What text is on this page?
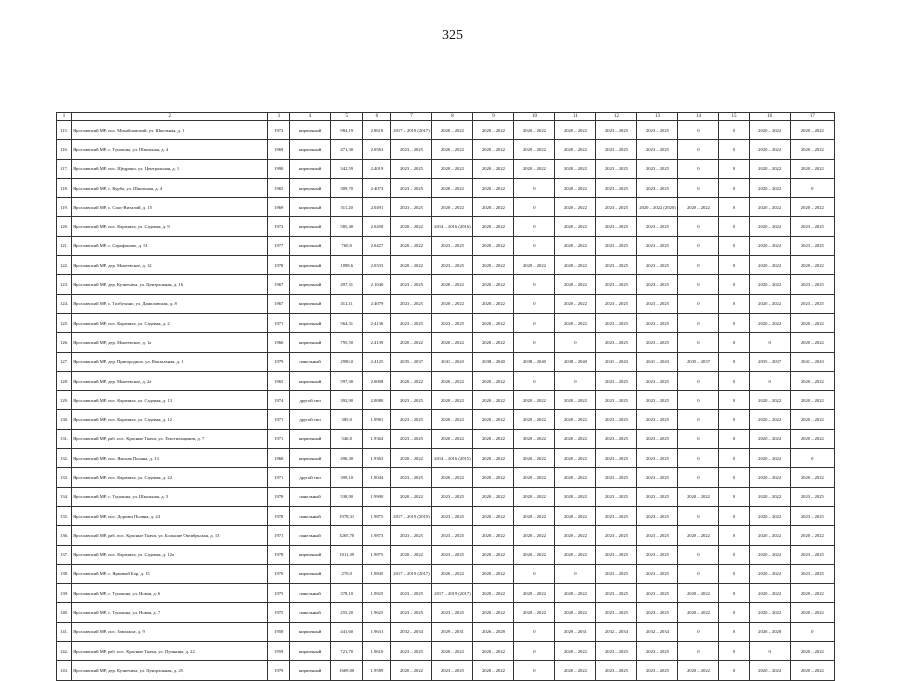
325
1	2	3	4	5	6	7	8	9	10	11	12	13	14	15	16	17
115.	Ярославский МР, пос. Михайловский, ул. Школьная, д. 1	1972	кирпичный	984,19	2.8618	2017 – 2019 (2017)	2020 – 2022	2020 – 2022	2020 – 2022	2020 – 2022	2023 – 2025	2023 – 2025	0	0	2020 – 2022	2020 – 2022
116.	Ярославский МР, с. Туношна, ул. Школьная, д. 4	1969	кирпичный	471,30	2.0563	2023 – 2025	2020 – 2022	2020 – 2022	2020 – 2022	2020 – 2022	2023 – 2025	2023 – 2025	0	0	2020 – 2022	2020 – 2022
117.	Ярославский МР, пос. Щедрино, ул. Центральная, д. 1	1990	кирпичный	342,59	2.4019	2023 – 2025	2020 – 2022	2020 – 2022	2020 – 2022	2020 – 2022	2023 – 2025	2023 – 2025	0	0	2020 – 2022	2020 – 2022
118.	Ярославский МР, с. Курба, ул. Школьная, д. 4	1965	кирпичный	309,70	2.4073	2023 – 2025	2020 – 2022	2020 – 2022	0	2020 – 2022	2023 – 2025	2023 – 2025	0	0	2020 – 2022	0
119.	Ярославский МР, с. Спас-Виталий, д. 15	1969	кирпичный	311,20	2.0491	2023 – 2025	2020 – 2022	2020 – 2022	0	2020 – 2022	2023 – 2025	2020 – 2022 (2020)	2020 – 2022	0	2020 – 2022	2020 – 2022
120.	Ярославский МР, пос. Карачиха, ул. Садовая, д. 9	1972	кирпичный	585,40	2.0458	2020 – 2022	2014 – 2016 (2016)	2020 – 2022	0	2020 – 2022	2023 – 2025	2023 – 2025	0	0	2020 – 2022	2023 – 2025
121.	Ярославский МР, с. Сарафоново, д. 51	1977	кирпичный	760,0	2.0427	2020 – 2022	2023 – 2025	2020 – 2022	0	2020 – 2022	2023 – 2025	2023 – 2025	0	0	2020 – 2022	2023 – 2025
122.	Ярославский МР, дер. Мокеевское, д. 12	1978	кирпичный	1098,6	2.0333	2020 – 2022	2023 – 2025	2020 – 2022	2020 – 2022	2020 – 2022	2023 – 2025	2023 – 2025	0	0	2020 – 2022	2020 – 2022
123.	Ярославский МР, дер. Кузнечиха, ул. Центральная, д. 16	1967	кирпичный	497,31	2.1040	2023 – 2025	2020 – 2022	2020 – 2022	0	2020 – 2022	2023 – 2025	2023 – 2025	0	0	2020 – 2022	2023 – 2025
124.	Ярославский МР, с. Толбухино, ул. Даниловская, д. 8	1967	кирпичный	412,11	2.4079	2023 – 2025	2020 – 2022	2020 – 2022	0	2020 – 2022	2023 – 2025	2023 – 2025	0	0	2020 – 2022	2023 – 2025
125.	Ярославский МР, пос. Карачиха, ул. Садовая, д. 2	1971	кирпичный	564,31	2.4136	2023 – 2025	2023 – 2025	2020 – 2022	0	2020 – 2022	2023 – 2025	2023 – 2025	0	0	2020 – 2022	2020 – 2022
126.	Ярославский МР, дер. Мокеевское, д. 1а	1966	кирпичный	795,50	2.4139	2020 – 2022	2020 – 2022	2020 – 2022	0	0	2023 – 2025	2023 – 2025	0	0	0	2020 – 2022
127.	Ярославский МР, дер. Пригородное, ул. Вокзальная, д. 1	1979	панельный	2990,0	2.4125	2035 – 2037	2041 – 2043	2038 – 2040	2038 – 2040	2038 – 2040	2041 – 2043	2041 – 2043	2035 – 2037	0	2035 – 2037	2041 – 2043
128.	Ярославский МР, дер. Мокеевское, д. 2а	1965	кирпичный	597,30	2.0008	2020 – 2022	2020 – 2022	2020 – 2022	0	0	2023 – 2025	2023 – 2025	0	0	0	2020 – 2022
129.	Ярославский МР, пос. Карачиха, ул. Садовая, д. 13	1974	другой тип	392,90	2.0080	2023 – 2025	2020 – 2022	2020 – 2022	2020 – 2022	2020 – 2022	2023 – 2025	2023 – 2025	0	0	2020 – 2022	2020 – 2022
130.	Ярославский МР, пос. Карачиха, ул. Садовая, д. 12	1971	другой тип	385,0	1.9981	2023 – 2025	2020 – 2022	2020 – 2022	2020 – 2022	2020 – 2022	2023 – 2025	2023 – 2025	0	0	2020 – 2022	2020 – 2022
131.	Ярославский МР, раб. пос. Красные Ткачи, ул. Текстильщиков, д. 7	1971	кирпичный	546,0	1.9364	2023 – 2025	2020 – 2022	2020 – 2022	2020 – 2022	2020 – 2022	2023 – 2025	2023 – 2025	0	0	2020 – 2022	2020 – 2022
132.	Ярославский МР, пос. Ямская Поляна, д. 13	1968	кирпичный	496,30	1.9363	2020 – 2022	2014 – 2016 (2015)	2020 – 2022	2020 – 2022	2020 – 2022	2023 – 2025	2023 – 2025	0	0	2020 – 2022	0
133.	Ярославский МР, пос. Карачиха, ул. Садовая, д. 22	1971	другой тип	399,10	1.9044	2023 – 2025	2020 – 2022	2020 – 2022	2020 – 2022	2020 – 2022	2023 – 2025	2023 – 2025	0	0	2020 – 2022	2020 – 2022
134.	Ярославский МР, с. Туношна, ул. Школьная, д. 5	1978	панельный	538,90	1.9900	2020 – 2022	2023 – 2025	2020 – 2022	2020 – 2022	2020 – 2022	2023 – 2025	2023 – 2025	2020 – 2022	0	2020 – 2022	2023 – 2025
135.	Ярославский МР, пос. Дорожн Поляна, д. 24	1978	панельный	1978,31	1.9875	2017 – 2019 (2019)	2023 – 2025	2020 – 2022	2020 – 2022	2020 – 2022	2023 – 2025	2023 – 2025	0	0	2020 – 2022	2023 – 2025
136.	Ярославский МР, раб. пос. Красные Ткачи, ул. Большие Октябрьская, д. 13	1971	панельный	3265,70	1.9873	2023 – 2025	2023 – 2025	2020 – 2022	2020 – 2022	2020 – 2022	2023 – 2025	2023 – 2025	2020 – 2022	0	2020 – 2022	2020 – 2022
137.	Ярославский МР, пос. Карачиха, ул. Садовая, д. 12а	1978	кирпичный	1011,39	1.9875	2020 – 2022	2023 – 2025	2020 – 2022	2020 – 2022	2020 – 2022	2023 – 2025	2023 – 2025	0	0	2020 – 2022	2023 – 2025
138.	Ярославский МР, с. Ярковый Бор, д. 15	1970	кирпичный	270,0	1.9845	2017 – 2019 (2017)	2020 – 2022	2020 – 2022	0	0	2023 – 2025	2023 – 2025	0	0	2020 – 2022	2023 – 2025
139.	Ярославский МР, с. Туношна, ул. Новая, д. 6	1975	панельный	378,10	1.9825	2023 – 2025	2017 – 2019 (2017)	2020 – 2022	2020 – 2022	2020 – 2022	2023 – 2025	2023 – 2025	2020 – 2022	0	2020 – 2022	2020 – 2022
140.	Ярославский МР, с. Туношна, ул. Новая, д. 7	1975	панельный	255,20	1.9625	2023 – 2025	2023 – 2025	2020 – 2022	2020 – 2022	2020 – 2022	2023 – 2025	2023 – 2025	2020 – 2022	0	2020 – 2022	2020 – 2022
141.	Ярославский МР, пос. Заволжье, д. 9	1958	кирпичный	441,60	1.9631	2032 – 2034	2029 – 2031	2026 – 2028	0	2029 – 2031	2032 – 2034	2032 – 2034	0	0	2026 – 2028	0
142.	Ярославский МР, раб. пос. Красные Ткачи, ул. Пушкина, д. 22	1959	кирпичный	721,70	1.9610	2023 – 2025	2020 – 2022	2020 – 2022	0	2020 – 2022	2023 – 2025	2023 – 2025	0	0	0	2020 – 2022
143.	Ярославский МР, дер. Кузнечиха, ул. Центральная, д. 25	1979	кирпичный	1669,00	1.9589	2020 – 2022	2023 – 2025	2020 – 2022	0	2020 – 2022	2023 – 2025	2023 – 2025	2020 – 2022	0	2020 – 2022	2020 – 2022
